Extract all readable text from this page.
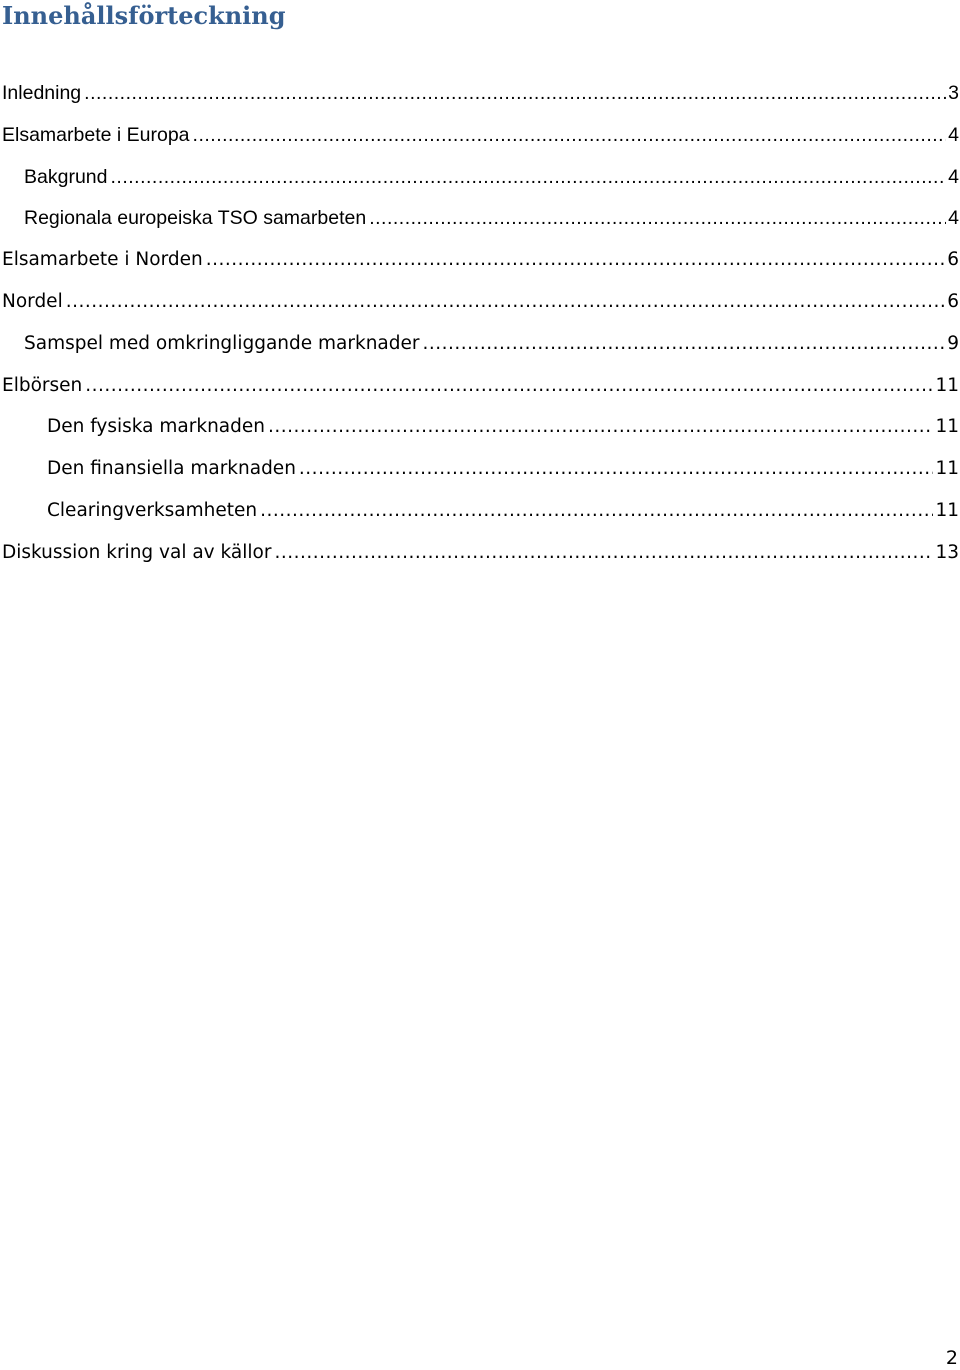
Innehållsförteckning
Inledning .....	3
Elsamarbete i Europa .....	4
Bakgrund .....	4
Regionala europeiska TSO samarbeten .....	4
Elsamarbete i Norden .....	6
Nordel .....	6
Samspel med omkringliggande marknader .....	9
Elbörsen .....	11
Den fysiska marknaden .....	11
Den finansiella marknaden .....	11
Clearingverksamheten .....	11
Diskussion kring val av källor .....	13
2
